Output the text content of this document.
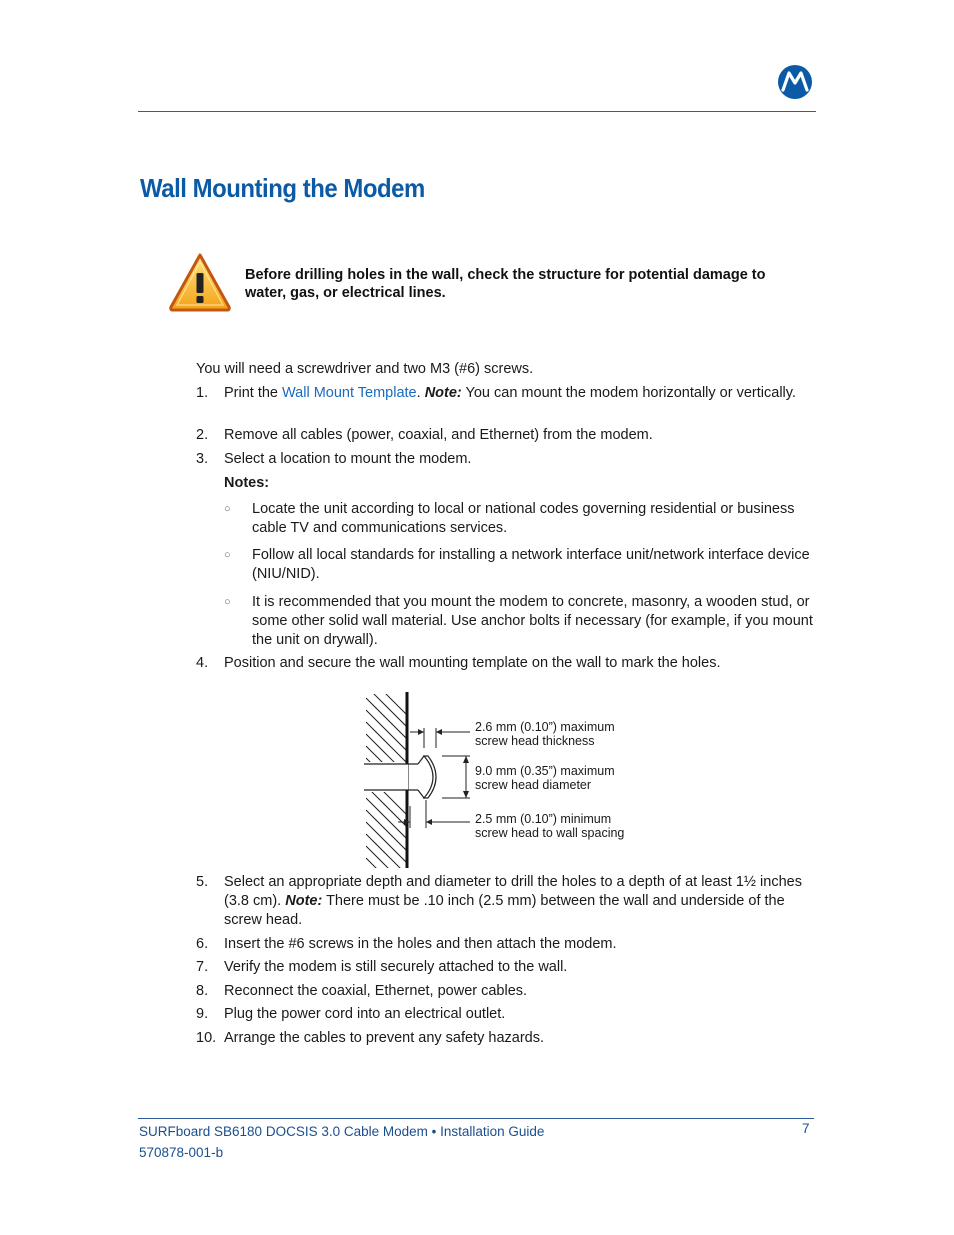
Wall Mounting the Modem
Before drilling holes in the wall, check the structure for potential damage to water, gas, or electrical lines.
You will need a screwdriver and two M3 (#6) screws.
1.	Print the Wall Mount Template. Note: You can mount the modem horizontally or vertically.
2.	Remove all cables (power, coaxial, and Ethernet) from the modem.
3.	Select a location to mount the modem.
Notes:
○ Locate the unit according to local or national codes governing residential or business cable TV and communications services.
○ Follow all local standards for installing a network interface unit/network interface device (NIU/NID).
○ It is recommended that you mount the modem to concrete, masonry, a wooden stud, or some other solid wall material. Use anchor bolts if necessary (for example, if you mount the unit on drywall).
4.	Position and secure the wall mounting template on the wall to mark the holes.
2.6 mm (0.10”) maximum
screw head thickness
9.0 mm (0.35”) maximum
screw head diameter
2.5 mm (0.10”) minimum
screw head to wall spacing
5.	Select an appropriate depth and diameter to drill the holes to a depth of at least 1½ inches (3.8 cm). Note: There must be .10 inch (2.5 mm) between the wall and underside of the screw head.
6.	Insert the #6 screws in the holes and then attach the modem.
7.	Verify the modem is still securely attached to the wall.
8.	Reconnect the coaxial, Ethernet, power cables.
9.	Plug the power cord into an electrical outlet.
10. Arrange the cables to prevent any safety hazards.
SURFboard SB6180 DOCSIS 3.0 Cable Modem • Installation Guide
570878-001-b
7
